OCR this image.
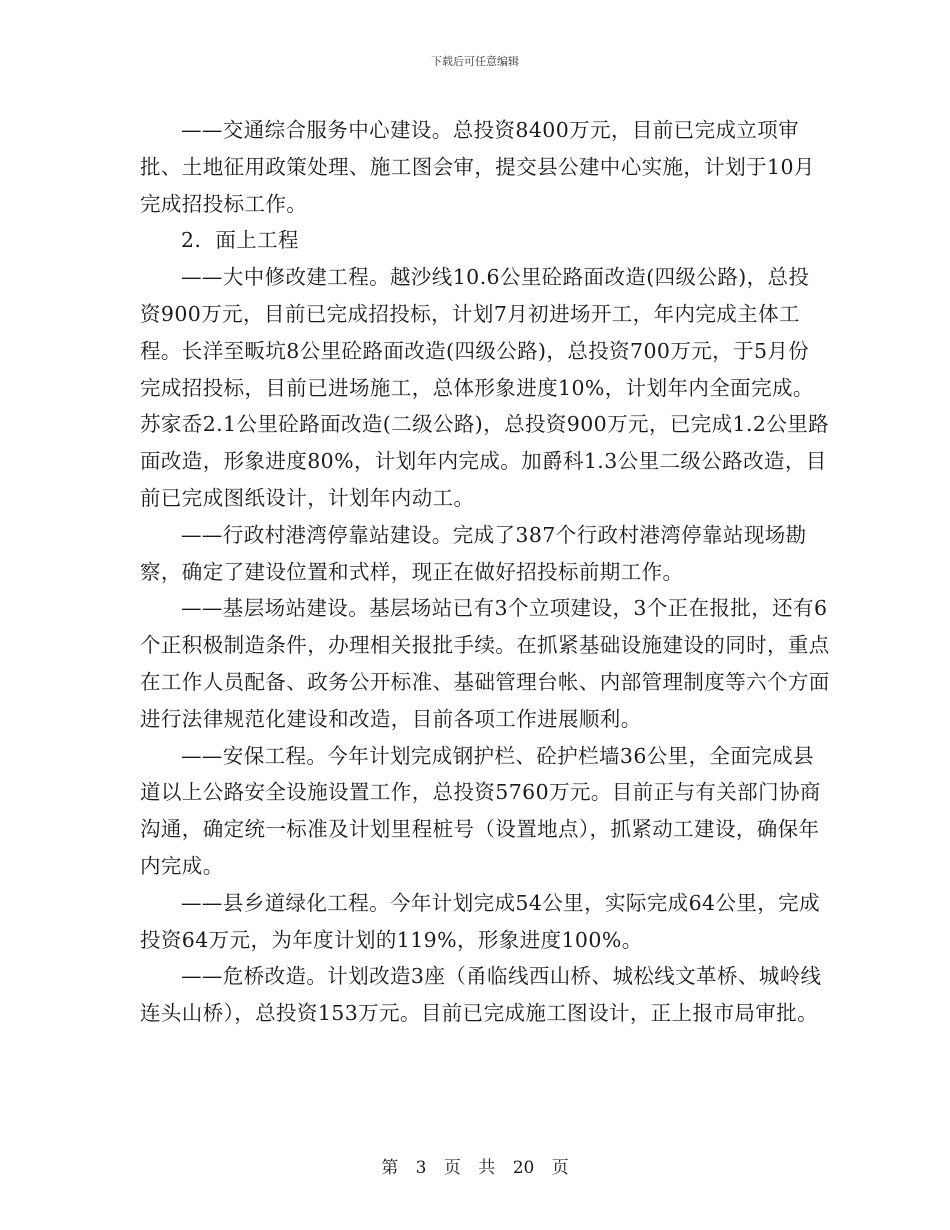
下载后可任意编辑

——交通综合服务中心建设。总投资8400万元，目前已完成立项审批、土地征用政策处理、施工图会审，提交县公建中心实施，计划于10月完成招投标工作。

2．面上工程

——大中修改建工程。越沙线10.6公里砼路面改造(四级公路)，总投资900万元，目前已完成招投标，计划7月初进场开工，年内完成主体工程。长洋至畈坑8公里砼路面改造(四级公路)，总投资700万元，于5月份完成招投标，目前已进场施工，总体形象进度10%，计划年内全面完成。苏家岙2.1公里砼路面改造(二级公路)，总投资900万元，已完成1.2公里路面改造，形象进度80%，计划年内完成。加爵科1.3公里二级公路改造，目前已完成图纸设计，计划年内动工。

——行政村港湾停靠站建设。完成了387个行政村港湾停靠站现场勘察，确定了建设位置和式样，现正在做好招投标前期工作。

——基层场站建设。基层场站已有3个立项建设，3个正在报批，还有6个正积极制造条件，办理相关报批手续。在抓紧基础设施建设的同时，重点在工作人员配备、政务公开标准、基础管理台帐、内部管理制度等六个方面进行法律规范化建设和改造，目前各项工作进展顺利。

——安保工程。今年计划完成钢护栏、砼护栏墙36公里，全面完成县道以上公路安全设施设置工作，总投资5760万元。目前正与有关部门协商沟通，确定统一标准及计划里程桩号（设置地点），抓紧动工建设，确保年内完成。

——县乡道绿化工程。今年计划完成54公里，实际完成64公里，完成投资64万元，为年度计划的119%，形象进度100%。

——危桥改造。计划改造3座（甬临线西山桥、城松线文革桥、城岭线连头山桥），总投资153万元。目前已完成施工图设计，正上报市局审批。

第 3 页 共 20 页
